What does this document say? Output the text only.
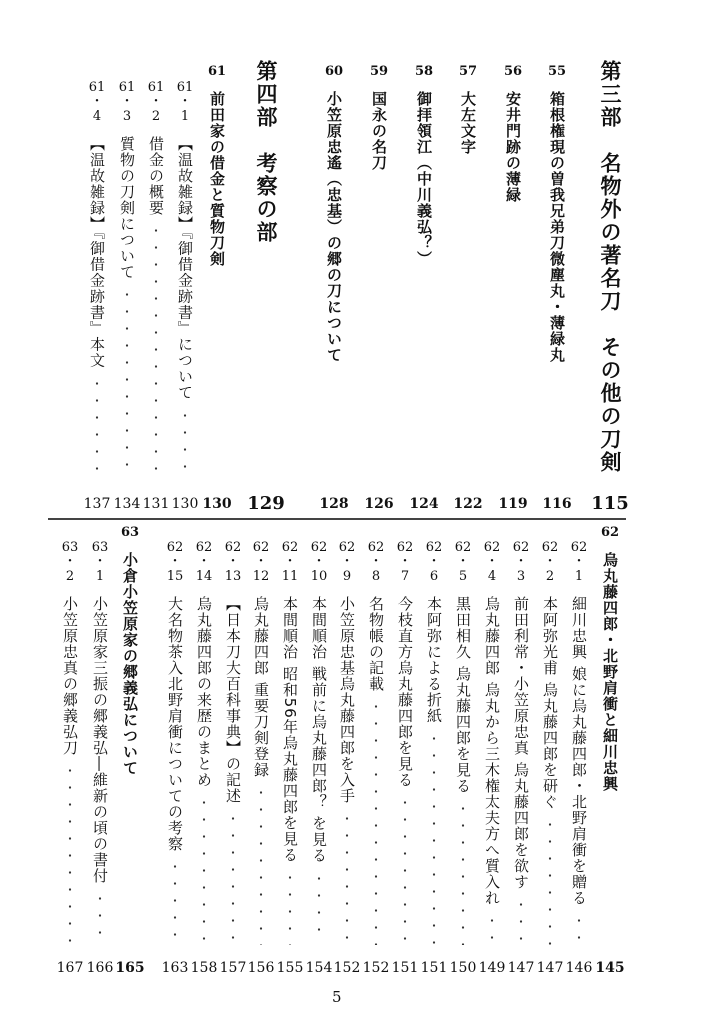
5
第三部　名物外の著名刀　その他の刀剣
115
55
箱根権現の曽我兄弟刀微塵丸・薄緑丸
116
56
安井門跡の薄緑
119
57
大左文字
122
58
御拝領江（中川義弘？）
124
59
国永の名刀
126
60
小笠原忠遙（忠基）の郷の刀について
128
第四部　考察の部
129
61
前田家の借金と質物刀剣
130
61
・
1
【温故雑録】『御借金跡書』について
130
61
・
2
借金の概要
131
61
・
3
質物の刀剣について
134
61
・
4
【温故雑録】『御借金跡書』本文
137
62
烏丸藤四郎・北野肩衝と細川忠興
145
62
・
1
細川忠興 娘に烏丸藤四郎・北野肩衝を贈る
146
62
・
2
本阿弥光甫 烏丸藤四郎を研ぐ
147
62
・
3
前田利常・小笠原忠真 烏丸藤四郎を欲す
147
62
・
4
烏丸藤四郎 烏丸から三木権太夫方へ質入れ
149
62
・
5
黒田相久 烏丸藤四郎を見る
150
62
・
6
本阿弥による折紙
151
62
・
7
今枝直方烏丸藤四郎を見る
151
62
・
8
名物帳の記載
152
62
・
9
小笠原忠基烏丸藤四郎を入手
152
62
・
10
本間順治 戦前に烏丸藤四郎？ を見る
154
62
・
11
本間順治 昭和56年烏丸藤四郎を見る
155
62
・
12
烏丸藤四郎 重要刀剣登録
156
62
・
13
【日本刀大百科事典】の記述
157
62
・
14
烏丸藤四郎の来歴のまとめ
158
62
・
15
大名物茶入北野肩衝についての考察
163
63
小倉小笠原家の郷義弘について
165
63
・
1
小笠原家三振の郷義弘―維新の頃の書付
166
63
・
2
小笠原忠真の郷義弘刀
167
